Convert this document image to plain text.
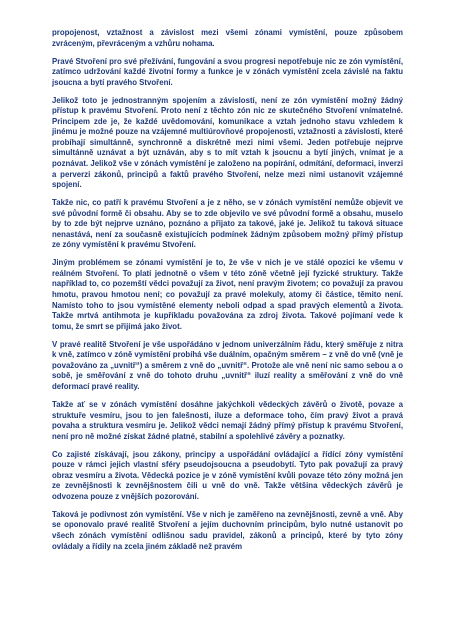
propojenost, vztažnost a závislost mezi všemi zónami vymístění, pouze způsobem zvráceným, převráceným a vzhůru nohama.

Pravé Stvoření pro své přežívání, fungování a svou progresi nepotřebuje nic ze zón vymístění, zatímco udržování každé životní formy a funkce je v zónách vymístění zcela závislé na faktu jsoucna a bytí pravého Stvoření.

Jelikož toto je jednostranným spojením a závislostí, není ze zón vymístění možný žádný přístup k pravému Stvoření. Proto není z těchto zón nic ze skutečného Stvoření vnímatelné. Principem zde je, že každé uvědomování, komunikace a vztah jednoho stavu vzhledem k jinému je možné pouze na vzájemné multiúrovňové propojenosti, vztažnosti a závislosti, které probíhají simultánně, synchronně a diskrétně mezi nimi všemi. Jeden potřebuje nejprve simultánně uznávat a být uznáván, aby s to mít vztah k jsoucnu a bytí jiných, vnímat je a poznávat. Jelikož vše v zónách vymístění je založeno na popírání, odmítání, deformaci, inverzi a perverzi zákonů, principů a faktů pravého Stvoření, nelze mezi nimi ustanovit vzájemné spojení.

Takže nic, co patří k pravému Stvoření a je z něho, se v zónách vymístění nemůže objevit ve své původní formě či obsahu. Aby se to zde objevilo ve své původní formě a obsahu, muselo by to zde být nejprve uznáno, poznáno a přijato za takové, jaké je. Jelikož tu taková situace nenastává, není za současně existujících podmínek žádným způsobem možný přímý přístup ze zóny vymístění k pravému Stvoření.

Jiným problémem se zónami vymístění je to, že vše v nich je ve stálé opozici ke všemu v reálném Stvoření. To platí jednotně o všem v této zóně včetně její fyzické struktury. Takže například to, co pozemští vědci považují za život, není pravým životem; co považují za pravou hmotu, pravou hmotou není; co považují za pravé molekuly, atomy či částice, těmito není. Namísto toho to jsou vymístěné elementy neboli odpad a spad pravých elementů a života. Takže mrtvá antihmota je kupříkladu považována za zdroj života. Takové pojímaní vede k tomu, že smrt se přijímá jako život.

V pravé realitě Stvoření je vše uspořádáno v jednom univerzálním řádu, který směřuje z nitra k vně, zatímco v zóně vymístění probíhá vše duálním, opačným směrem – z vně do vně (vně je považováno za „uvnitř“) a směrem z vně do „uvnitř“. Protože ale vně není nic samo sebou a o sobě, je směřování z vně do tohoto druhu „uvnitř“ iluzí reality a směřování z vně do vně deformací pravé reality.

Takže ať se v zónách vymístění dosáhne jakýchkoli vědeckých závěrů o životě, povaze a struktuře vesmíru, jsou to jen falešnosti, iluze a deformace toho, čím pravý život a pravá povaha a struktura vesmíru je. Jelikož vědci nemají žádný přímý přístup k pravému Stvoření, není pro ně možné získat žádné platné, stabilní a spolehlivé závěry a poznatky.

Co zajisté získávají, jsou zákony, principy a uspořádání ovládající a řídící zóny vymístění pouze v rámci jejich vlastní sféry pseudojsoucna a pseudobytí. Tyto pak považují za pravý obraz vesmíru a života. Vědecká pozice je v zóně vymístění kvůli povaze této zóny možná jen ze zevnějšnosti k zevnějšnostem čili u vně do vně. Takže většina vědeckých závěrů je odvozena pouze z vnějších pozorování.

Taková je podivnost zón vymístění. Vše v nich je zaměřeno na zevnějšnosti, zevně a vně. Aby se oponovalo pravé realitě Stvoření a jejím duchovním principům, bylo nutné ustanovit po všech zónách vymístění odlišnou sadu pravidel, zákonů a principů, které by tyto zóny ovládaly a řídily na zcela jiném základě než pravém
